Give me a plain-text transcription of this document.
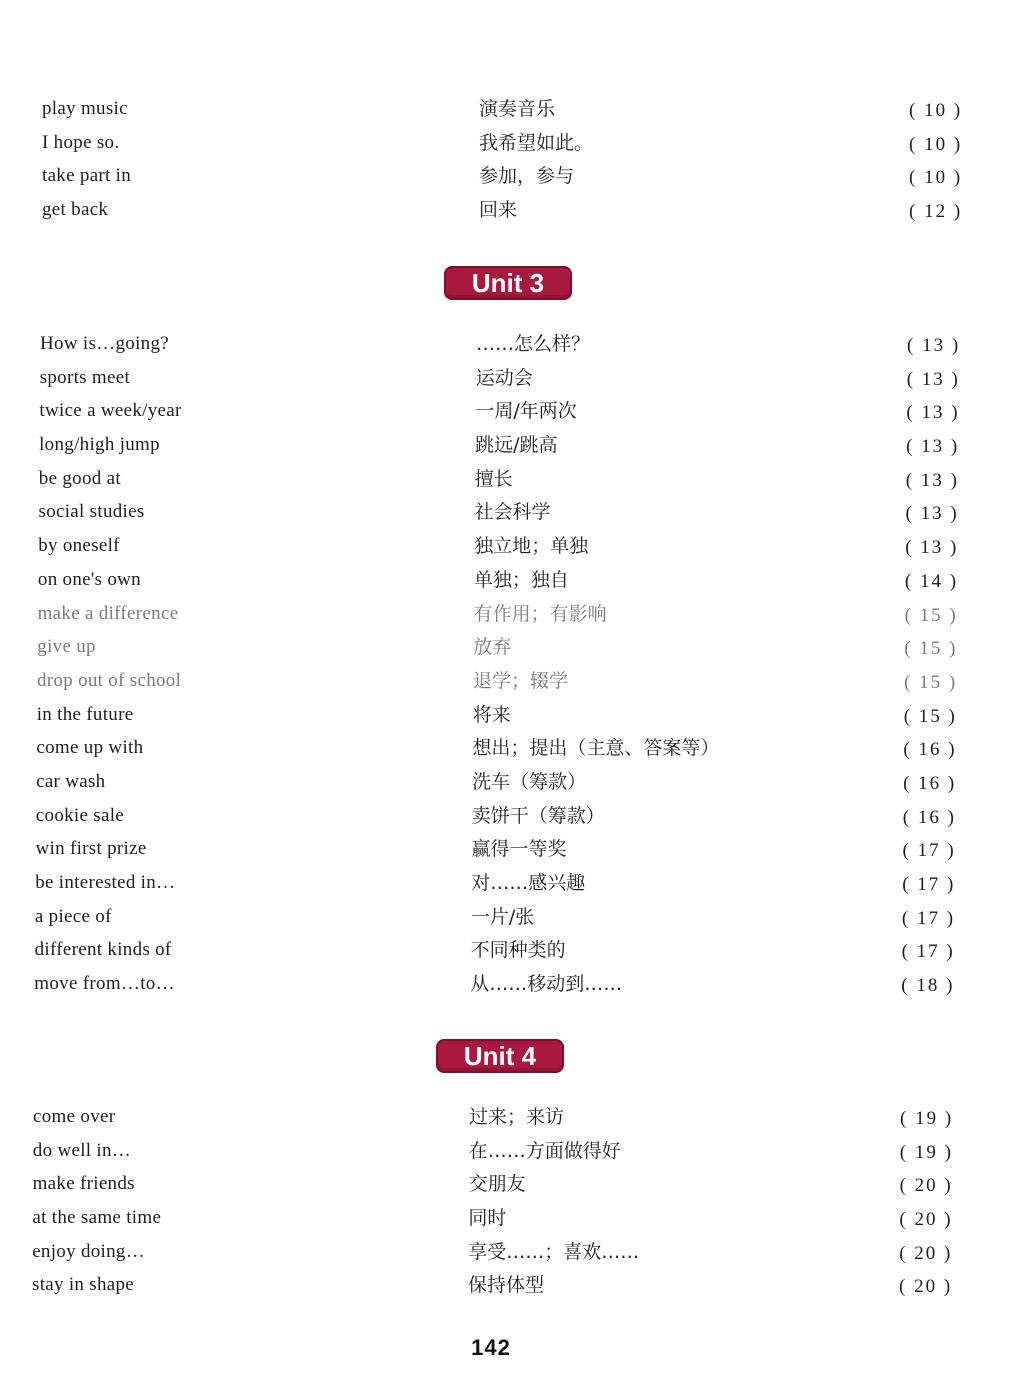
play music	演奏音乐	( 10 )
I hope so.	我希望如此。	( 10 )
take part in	参加，参与	( 10 )
get back	回来	( 12 )
Unit 3
How is…going?	……怎么样？	( 13 )
sports meet	运动会	( 13 )
twice a week/year	一周/年两次	( 13 )
long/high jump	跳远/跳高	( 13 )
be good at	擅长	( 13 )
social studies	社会科学	( 13 )
by oneself	独立地；单独	( 13 )
on one's own	单独；独自	( 14 )
make a difference	有作用；有影响	( 15 )
give up	放弃	( 15 )
drop out of school	退学；辍学	( 15 )
in the future	将来	( 15 )
come up with	想出；提出（主意、答案等）	( 16 )
car wash	洗车（筹款）	( 16 )
cookie sale	卖饼干（筹款）	( 16 )
win first prize	赢得一等奖	( 17 )
be interested in…	对……感兴趣	( 17 )
a piece of	一片/张	( 17 )
different kinds of	不同种类的	( 17 )
move from…to…	从……移动到……	( 18 )
Unit 4
come over	过来；来访	( 19 )
do well in…	在……方面做得好	( 19 )
make friends	交朋友	( 20 )
at the same time	同时	( 20 )
enjoy doing…	享受……；喜欢……	( 20 )
stay in shape	保持体型	( 20 )
142
